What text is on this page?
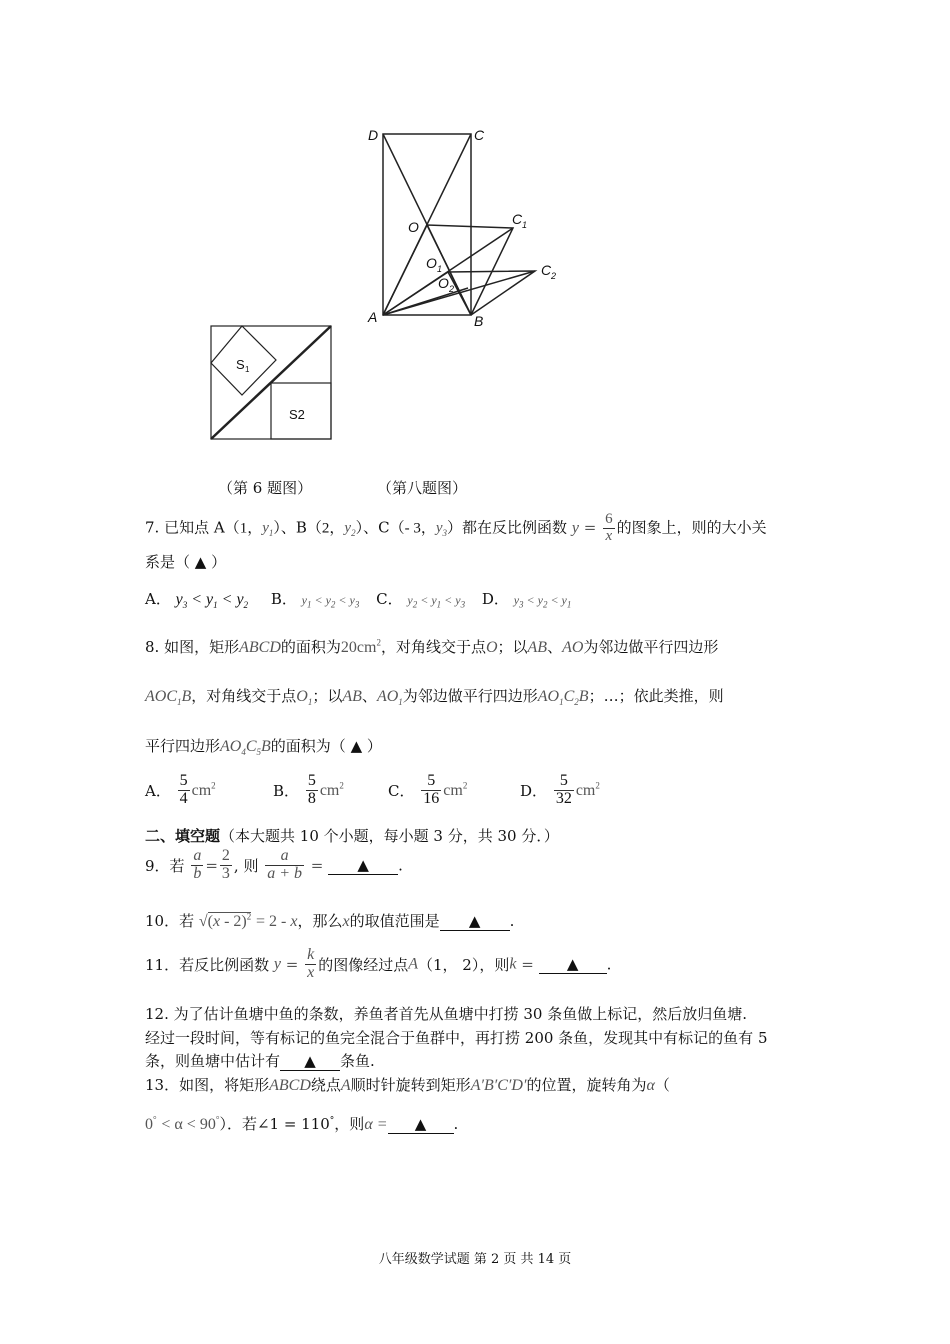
D	C
O	C 1
O 1
O 2
C 2
A	B
S 1
S2
（第 6 题图）	（第八题图）
7. 已知点 A（1，$y_1$）、B（2，$y_2$）、C（- 3，$y_3$）都在反比例函数 $y = \frac{6}{x}$ 的图象上，则的大小关
系是（ ▲ ）
A． $y_3 < y_1 < y_2$ B． $y_1 < y_2 < y_3$ C． $y_2 < y_1 < y_3$ D． $y_3 < y_2 < y_1$
8. 如图，矩形ABCD的面积为$20cm^2$，对角线交于点O；以AB、AO为邻边做平行四边形
$AOC_1B$，对角线交于点$O_1$；以AB、$AO_1$为邻边做平行四边形$AO_1C_2B$；…；依此类推，则
平行四边形$AO_4C_5B$的面积为（ ▲ ）
A． $\frac{5}{4} cm^2$	B． $\frac{5}{8} cm^2$	C． $\frac{5}{16} cm^2$	D． $\frac{5}{32} cm^2$
二、填空题（本大题共 10 个小题，每小题 3 分，共 30 分．）
9．若 $\frac{a}{b} = \frac{2}{3}$ , 则 $\frac{a}{a + b}$ = ▲ .
10．若 √(x - 2)$^2$ = 2 - x，那么x的取值范围是 ▲ .
11．若反比例函数 $y = \frac{k}{x}$ 的图像经过点A（1， 2），则k = ▲ .
12. 为了估计鱼塘中鱼的条数，养鱼者首先从鱼塘中打捞 30 条鱼做上标记，然后放归鱼塘.
经过一段时间，等有标记的鱼完全混合于鱼群中，再打捞 200 条鱼，发现其中有标记的鱼有 5
条，则鱼塘中估计有 ▲ 条鱼.
13．如图，将矩形ABCD绕点A顺时针旋转到矩形A′B′C′D′的位置，旋转角为α（
0° < α < 90°）．若∠1 = 110°，则α = ▲ .
八年级数学试题 第 2 页 共 14 页
